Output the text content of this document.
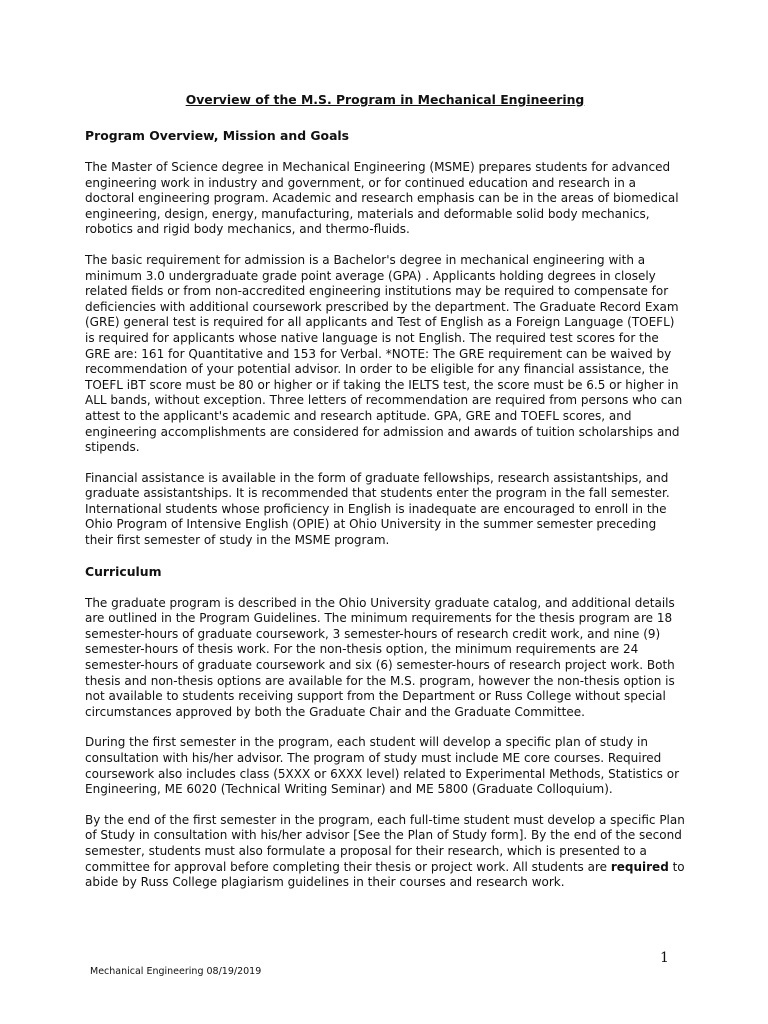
Overview of the M.S. Program in Mechanical Engineering
Program Overview, Mission and Goals

The Master of Science degree in Mechanical Engineering (MSME) prepares students for advanced engineering work in industry and government, or for continued education and research in a doctoral engineering program. Academic and research emphasis can be in the areas of biomedical engineering, design, energy, manufacturing, materials and deformable solid body mechanics, robotics and rigid body mechanics, and thermo-fluids.

The basic requirement for admission is a Bachelor's degree in mechanical engineering with a minimum 3.0 undergraduate grade point average (GPA) . Applicants holding degrees in closely related fields or from non-accredited engineering institutions may be required to compensate for deficiencies with additional coursework prescribed by the department. The Graduate Record Exam (GRE) general test is required for all applicants and Test of English as a Foreign Language (TOEFL) is required for applicants whose native language is not English. The required test scores for the GRE are: 161 for Quantitative and 153 for Verbal. *NOTE: The GRE requirement can be waived by recommendation of your potential advisor. In order to be eligible for any financial assistance, the TOEFL iBT score must be 80 or higher or if taking the IELTS test, the score must be 6.5 or higher in ALL bands, without exception. Three letters of recommendation are required from persons who can attest to the applicant's academic and research aptitude. GPA, GRE and TOEFL scores, and engineering accomplishments are considered for admission and awards of tuition scholarships and stipends.

Financial assistance is available in the form of graduate fellowships, research assistantships, and graduate assistantships. It is recommended that students enter the program in the fall semester. International students whose proficiency in English is inadequate are encouraged to enroll in the Ohio Program of Intensive English (OPIE) at Ohio University in the summer semester preceding their first semester of study in the MSME program.

Curriculum

The graduate program is described in the Ohio University graduate catalog, and additional details are outlined in the Program Guidelines. The minimum requirements for the thesis program are 18 semester-hours of graduate coursework, 3 semester-hours of research credit work, and nine (9) semester-hours of thesis work. For the non-thesis option, the minimum requirements are 24 semester-hours of graduate coursework and six (6) semester-hours of research project work. Both thesis and non-thesis options are available for the M.S. program, however the non-thesis option is not available to students receiving support from the Department or Russ College without special circumstances approved by both the Graduate Chair and the Graduate Committee.

During the first semester in the program, each student will develop a specific plan of study in consultation with his/her advisor. The program of study must include ME core courses. Required coursework also includes class (5XXX or 6XXX level) related to Experimental Methods, Statistics or Engineering, ME 6020 (Technical Writing Seminar) and ME 5800 (Graduate Colloquium).

By the end of the first semester in the program, each full-time student must develop a specific Plan of Study in consultation with his/her advisor [See the Plan of Study form]. By the end of the second semester, students must also formulate a proposal for their research, which is presented to a committee for approval before completing their thesis or project work. All students are required to abide by Russ College plagiarism guidelines in their courses and research work.

1
Mechanical Engineering 08/19/2019
